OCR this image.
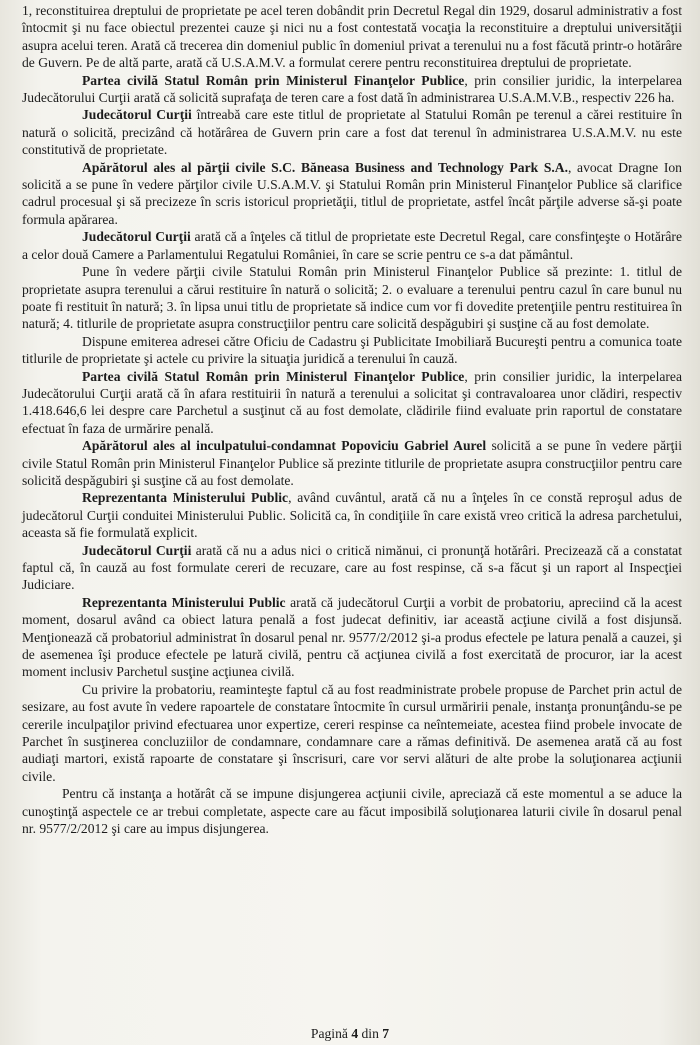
1, reconstituirea dreptului de proprietate pe acel teren dobândit prin Decretul Regal din 1929, dosarul administrativ a fost întocmit şi nu face obiectul prezentei cauze şi nici nu a fost contestată vocaţia la reconstituire a dreptului universităţii asupra acelui teren. Arată că trecerea din domeniul public în domeniul privat a terenului nu a fost făcută printr-o hotărâre de Guvern. Pe de altă parte, arată că U.S.A.M.V. a formulat cerere pentru reconstituirea dreptului de proprietate.

Partea civilă Statul Român prin Ministerul Finanţelor Publice, prin consilier juridic, la interpelarea Judecătorului Curţii arată că solicită suprafaţa de teren care a fost dată în administrarea U.S.A.M.V.B., respectiv 226 ha.

Judecătorul Curţii întreabă care este titlul de proprietate al Statului Român pe terenul a cărei restituire în natură o solicită, precizând că hotărârea de Guvern prin care a fost dat terenul în administrarea U.S.A.M.V. nu este constitutivă de proprietate.

Apărătorul ales al părţii civile S.C. Băneasa Business and Technology Park S.A., avocat Dragne Ion solicită a se pune în vedere părţilor civile U.S.A.M.V. şi Statului Român prin Ministerul Finanţelor Publice să clarifice cadrul procesual şi să precizeze în scris istoricul proprietăţii, titlul de proprietate, astfel încât părţile adverse să-şi poate formula apărarea.

Judecătorul Curţii arată că a înţeles că titlul de proprietate este Decretul Regal, care consfinţeşte o Hotărâre a celor două Camere a Parlamentului Regatului României, în care se scrie pentru ce s-a dat pământul.

Pune în vedere părţii civile Statului Român prin Ministerul Finanţelor Publice să prezinte: 1. titlul de proprietate asupra terenului a cărui restituire în natură o solicită; 2. o evaluare a terenului pentru cazul în care bunul nu poate fi restituit în natură; 3. în lipsa unui titlu de proprietate să indice cum vor fi dovedite pretenţiile pentru restituirea în natură; 4. titlurile de proprietate asupra construcţiilor pentru care solicită despăgubiri şi susţine că au fost demolate.

Dispune emiterea adresei către Oficiu de Cadastru şi Publicitate Imobiliară Bucureşti pentru a comunica toate titlurile de proprietate şi actele cu privire la situaţia juridică a terenului în cauză.

Partea civilă Statul Român prin Ministerul Finanţelor Publice, prin consilier juridic, la interpelarea Judecătorului Curţii arată că în afara restituirii în natură a terenului a solicitat şi contravaloarea unor clădiri, respectiv 1.418.646,6 lei despre care Parchetul a susţinut că au fost demolate, clădirile fiind evaluate prin raportul de constatare efectuat în faza de urmărire penală.

Apărătorul ales al inculpatului-condamnat Popoviciu Gabriel Aurel solicită a se pune în vedere părţii civile Statul Român prin Ministerul Finanţelor Publice să prezinte titlurile de proprietate asupra construcţiilor pentru care solicită despăgubiri şi susţine că au fost demolate.

Reprezentanta Ministerului Public, având cuvântul, arată că nu a înţeles în ce constă reproşul adus de judecătorul Curţii conduitei Ministerului Public. Solicită ca, în condiţiile în care există vreo critică la adresa parchetului, aceasta să fie formulată explicit.

Judecătorul Curţii arată că nu a adus nici o critică nimănui, ci pronunţă hotărâri. Precizează că a constatat faptul că, în cauză au fost formulate cereri de recuzare, care au fost respinse, că s-a făcut şi un raport al Inspecţiei Judiciare.

Reprezentanta Ministerului Public arată că judecătorul Curţii a vorbit de probatoriu, apreciind că la acest moment, dosarul având ca obiect latura penală a fost judecat definitiv, iar această acţiune civilă a fost disjunsă. Menţionează că probatoriul administrat în dosarul penal nr. 9577/2/2012 şi-a produs efectele pe latura penală a cauzei, şi de asemenea îşi produce efectele pe latură civilă, pentru că acţiunea civilă a fost exercitată de procuror, iar la acest moment inclusiv Parchetul susţine acţiunea civilă.

Cu privire la probatoriu, reaminteşte faptul că au fost readministrate probele propuse de Parchet prin actul de sesizare, au fost avute în vedere rapoartele de constatare întocmite în cursul urmăririi penale, instanţa pronunţându-se pe cererile inculpaţilor privind efectuarea unor expertize, cereri respinse ca neîntemeiate, acestea fiind probele invocate de Parchet în susţinerea concluziilor de condamnare, condamnare care a rămas definitivă. De asemenea arată că au fost audiaţi martori, există rapoarte de constatare şi înscrisuri, care vor servi alături de alte probe la soluţionarea acţiunii civile.

Pentru că instanţa a hotărât că se impune disjungerea acţiunii civile, apreciază că este momentul a se aduce la cunoştinţă aspectele ce ar trebui completate, aspecte care au făcut imposibilă soluţionarea laturii civile în dosarul penal nr. 9577/2/2012 şi care au impus disjungerea.

Pagină 4 din 7
